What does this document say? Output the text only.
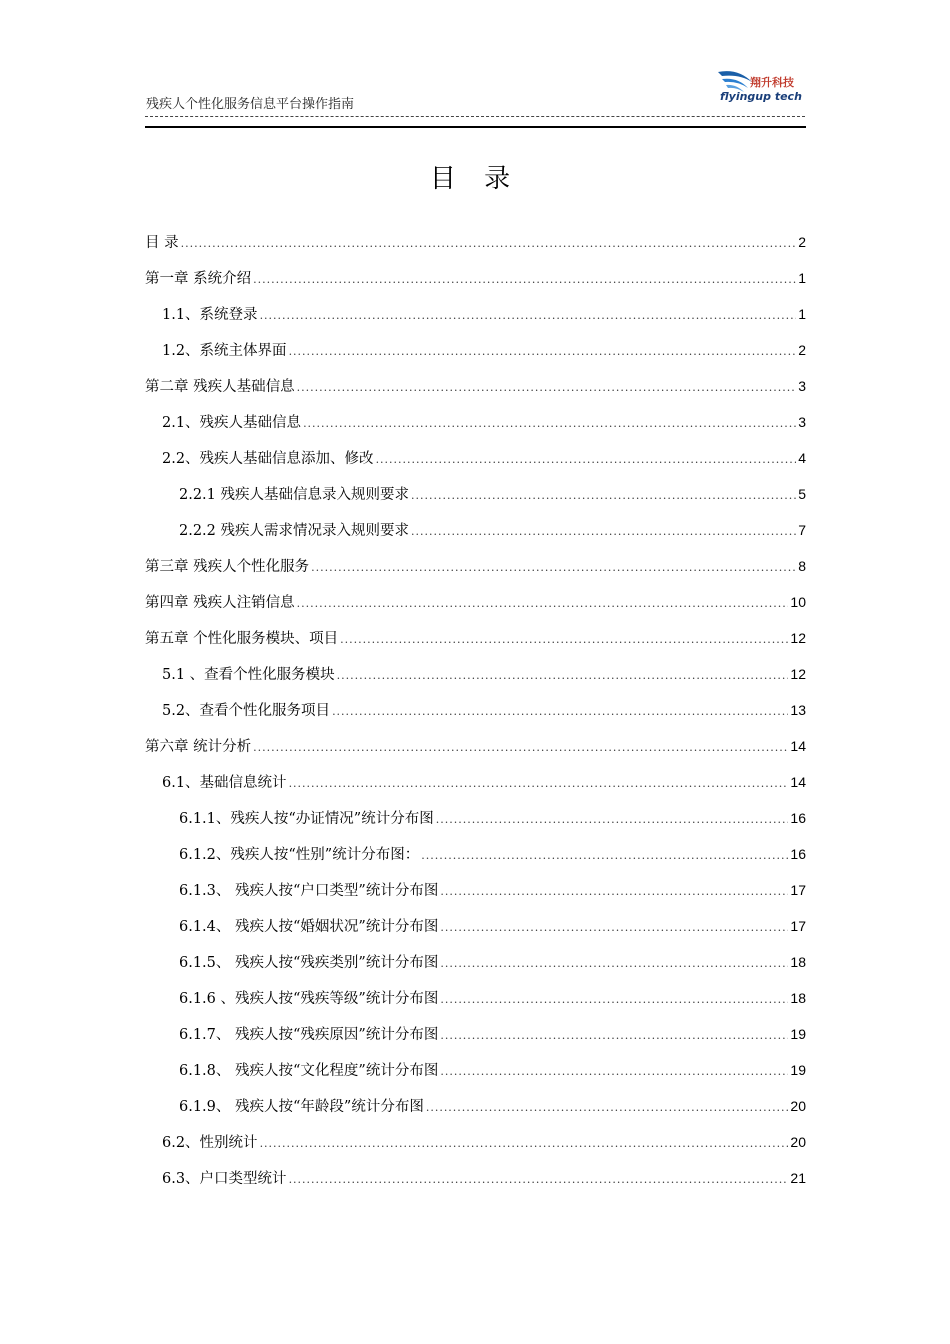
残疾人个性化服务信息平台操作指南
翔升科技
flyingup tech
目 录
目 录 .....	2
第一章 系统介绍 .....	1
1.1、系统登录 .....	1
1.2、系统主体界面 .....	2
第二章 残疾人基础信息 .....	3
2.1、残疾人基础信息 .....	3
2.2、残疾人基础信息添加、修改 .....	4
2.2.1 残疾人基础信息录入规则要求 .....	5
2.2.2 残疾人需求情况录入规则要求 .....	7
第三章 残疾人个性化服务 .....	8
第四章 残疾人注销信息 .....	10
第五章 个性化服务模块、项目 .....	12
5.1 、查看个性化服务模块 .....	12
5.2、查看个性化服务项目 .....	13
第六章 统计分析 .....	14
6.1、基础信息统计 .....	14
6.1.1、残疾人按“办证情况”统计分布图 .....	16
6.1.2、残疾人按“性别”统计分布图： .....	16
6.1.3、 残疾人按“户口类型”统计分布图 .....	17
6.1.4、 残疾人按“婚姻状况”统计分布图 .....	17
6.1.5、 残疾人按“残疾类别”统计分布图 .....	18
6.1.6 、残疾人按“残疾等级”统计分布图 .....	18
6.1.7、 残疾人按“残疾原因”统计分布图 .....	19
6.1.8、 残疾人按“文化程度”统计分布图 .....	19
6.1.9、 残疾人按“年龄段”统计分布图 .....	20
6.2、性别统计 .....	20
6.3、户口类型统计 .....	21
